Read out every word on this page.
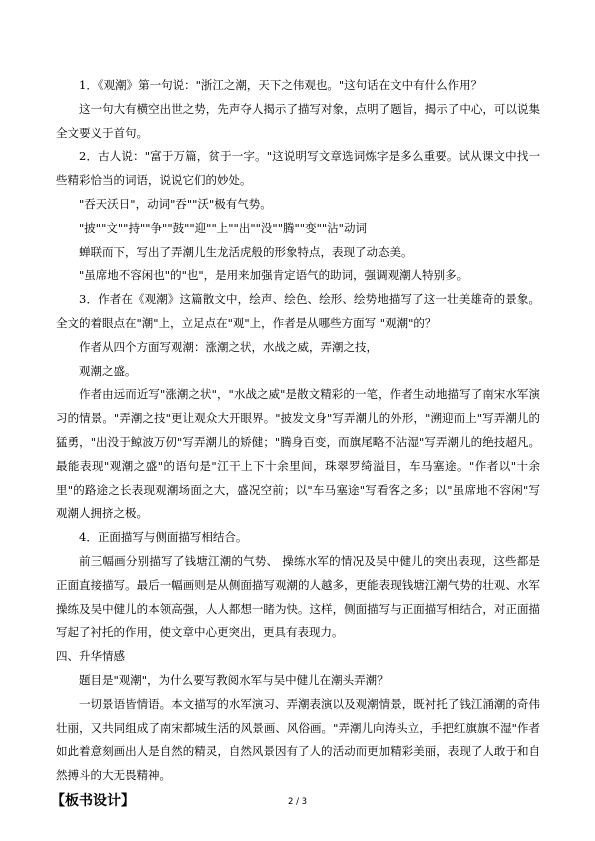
1．《观潮》第一句说："浙江之潮，天下之伟观也。"这句话在文中有什么作用？

这一句大有横空出世之势，先声夺人揭示了描写对象，点明了题旨，揭示了中心，可以说集全文要义于首句。

2．古人说："富于万篇，贫于一字。"这说明写文章选词炼字是多么重要。试从课文中找一些精彩恰当的词语，说说它们的妙处。

"吞天沃日"，动词"吞""沃"极有气势。

"披""文""持""争""鼓""迎""上""出""没""腾""变""沾"动词

蝉联而下，写出了弄潮儿生龙活虎般的形象特点，表现了动态美。

"虽席地不容闲也"的"也"，是用来加强肯定语气的助词，强调观潮人特别多。

3．作者在《观潮》这篇散文中，绘声、绘色、绘形、绘势地描写了这一壮美雄奇的景象。全文的着眼点在"潮"上，立足点在"观"上，作者是从哪些方面写 "观潮"的？

作者从四个方面写观潮：涨潮之状，水战之威，弄潮之技，

观潮之盛。

作者由远而近写"涨潮之状"，"水战之威"是散文精彩的一笔，作者生动地描写了南宋水军演习的情景。"弄潮之技"更让观众大开眼界。"披发文身"写弄潮儿的外形，"溯迎而上"写弄潮儿的猛勇，"出没于鲸波万仞"写弄潮儿的矫健；"腾身百变，而旗尾略不沾湿"写弄潮儿的绝技超凡。最能表现"观潮之盛"的语句是"江干上下十余里间，珠翠罗绮溢目，车马塞途。"作者以"十余里"的路途之长表现观潮场面之大，盛况空前；以"车马塞途"写看客之多；以"虽席地不容闲"写观潮人拥挤之极。

4．正面描写与侧面描写相结合。

前三幅画分别描写了钱塘江潮的气势、 操练水军的情况及吴中健儿的突出表现，这些都是正面直接描写。最后一幅画则是从侧面描写观潮的人越多，更能表现钱塘江潮气势的壮观、水军操练及吴中健儿的本领高强，人人都想一睹为快。这样，侧面描写与正面描写相结合，对正面描写起了衬托的作用，使文章中心更突出，更具有表现力。

四、升华情感

题目是"观潮"，为什么要写教阅水军与吴中健儿在潮头弄潮？

一切景语皆情语。本文描写的水军演习、弄潮表演以及观潮情景，既衬托了钱江涌潮的奇伟壮丽，又共同组成了南宋都城生活的风景画、风俗画。"弄潮儿向涛头立，手把红旗旗不湿"作者如此着意刻画出人是自然的精灵，自然风景因有了人的活动而更加精彩美丽，表现了人敢于和自然搏斗的大无畏精神。

【板书设计】	2 / 3
